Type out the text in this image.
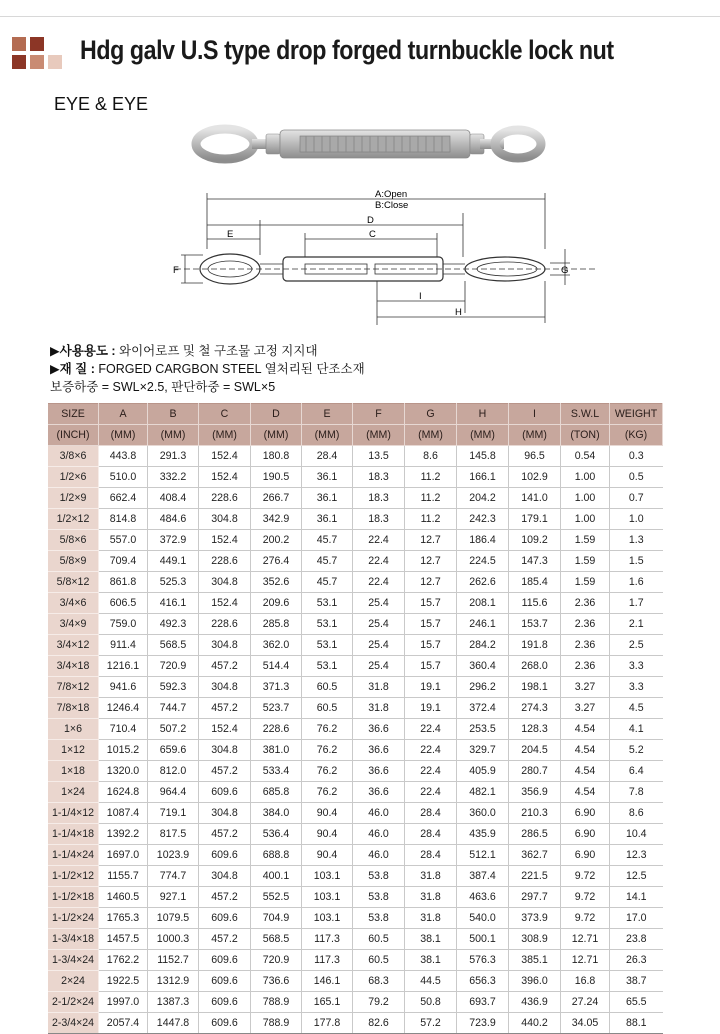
Hdg galv U.S type drop forged turnbuckle lock nut
EYE & EYE
A:Open
B:Close
D
C
E
F	G
I
H
▶사용용도 : 와이어로프 및 철 구조물 고정 지지대
▶재 질 : FORGED CARGBON STEEL 열처리된 단조소재
보증하중 = SWL×2.5, 판단하중 = SWL×5
SIZE	A	B	C	D	E	F	G	H	I	S.W.L	WEIGHT
(INCH)	(MM)	(MM)	(MM)	(MM)	(MM)	(MM)	(MM)	(MM)	(MM)	(TON)	(KG)
3/8×6	443.8	291.3	152.4	180.8	28.4	13.5	8.6	145.8	96.5	0.54	0.3
1/2×6	510.0	332.2	152.4	190.5	36.1	18.3	11.2	166.1	102.9	1.00	0.5
1/2×9	662.4	408.4	228.6	266.7	36.1	18.3	11.2	204.2	141.0	1.00	0.7
1/2×12	814.8	484.6	304.8	342.9	36.1	18.3	11.2	242.3	179.1	1.00	1.0
5/8×6	557.0	372.9	152.4	200.2	45.7	22.4	12.7	186.4	109.2	1.59	1.3
5/8×9	709.4	449.1	228.6	276.4	45.7	22.4	12.7	224.5	147.3	1.59	1.5
5/8×12	861.8	525.3	304.8	352.6	45.7	22.4	12.7	262.6	185.4	1.59	1.6
3/4×6	606.5	416.1	152.4	209.6	53.1	25.4	15.7	208.1	115.6	2.36	1.7
3/4×9	759.0	492.3	228.6	285.8	53.1	25.4	15.7	246.1	153.7	2.36	2.1
3/4×12	911.4	568.5	304.8	362.0	53.1	25.4	15.7	284.2	191.8	2.36	2.5
3/4×18	1216.1	720.9	457.2	514.4	53.1	25.4	15.7	360.4	268.0	2.36	3.3
7/8×12	941.6	592.3	304.8	371.3	60.5	31.8	19.1	296.2	198.1	3.27	3.3
7/8×18	1246.4	744.7	457.2	523.7	60.5	31.8	19.1	372.4	274.3	3.27	4.5
1×6	710.4	507.2	152.4	228.6	76.2	36.6	22.4	253.5	128.3	4.54	4.1
1×12	1015.2	659.6	304.8	381.0	76.2	36.6	22.4	329.7	204.5	4.54	5.2
1×18	1320.0	812.0	457.2	533.4	76.2	36.6	22.4	405.9	280.7	4.54	6.4
1×24	1624.8	964.4	609.6	685.8	76.2	36.6	22.4	482.1	356.9	4.54	7.8
1-1/4×12	1087.4	719.1	304.8	384.0	90.4	46.0	28.4	360.0	210.3	6.90	8.6
1-1/4×18	1392.2	817.5	457.2	536.4	90.4	46.0	28.4	435.9	286.5	6.90	10.4
1-1/4×24	1697.0	1023.9	609.6	688.8	90.4	46.0	28.4	512.1	362.7	6.90	12.3
1-1/2×12	1155.7	774.7	304.8	400.1	103.1	53.8	31.8	387.4	221.5	9.72	12.5
1-1/2×18	1460.5	927.1	457.2	552.5	103.1	53.8	31.8	463.6	297.7	9.72	14.1
1-1/2×24	1765.3	1079.5	609.6	704.9	103.1	53.8	31.8	540.0	373.9	9.72	17.0
1-3/4×18	1457.5	1000.3	457.2	568.5	117.3	60.5	38.1	500.1	308.9	12.71	23.8
1-3/4×24	1762.2	1152.7	609.6	720.9	117.3	60.5	38.1	576.3	385.1	12.71	26.3
2×24	1922.5	1312.9	609.6	736.6	146.1	68.3	44.5	656.3	396.0	16.8	38.7
2-1/2×24	1997.0	1387.3	609.6	788.9	165.1	79.2	50.8	693.7	436.9	27.24	65.5
2-3/4×24	2057.4	1447.8	609.6	788.9	177.8	82.6	57.2	723.9	440.2	34.05	88.1
